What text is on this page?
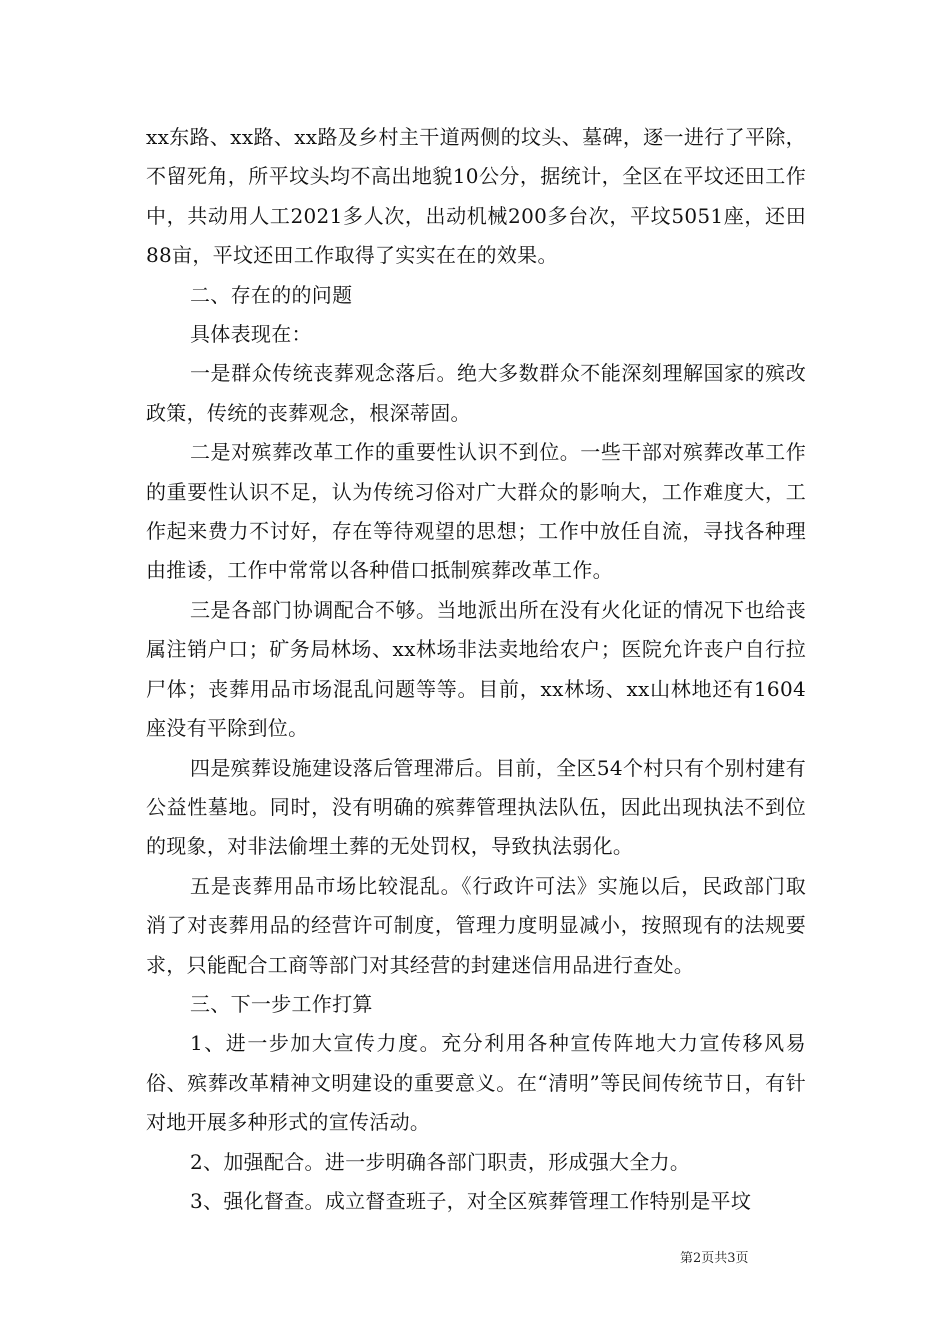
xx东路、xx路、xx路及乡村主干道两侧的坟头、墓碑，逐一进行了平除，不留死角，所平坟头均不高出地貌10公分，据统计，全区在平坟还田工作中，共动用人工2021多人次，出动机械200多台次，平坟5051座，还田88亩，平坟还田工作取得了实实在在的效果。

二、存在的的问题

具体表现在：

一是群众传统丧葬观念落后。绝大多数群众不能深刻理解国家的殡改政策，传统的丧葬观念，根深蒂固。

二是对殡葬改革工作的重要性认识不到位。一些干部对殡葬改革工作的重要性认识不足，认为传统习俗对广大群众的影响大，工作难度大，工作起来费力不讨好，存在等待观望的思想；工作中放任自流，寻找各种理由推诿，工作中常常以各种借口抵制殡葬改革工作。

三是各部门协调配合不够。当地派出所在没有火化证的情况下也给丧属注销户口；矿务局林场、xx林场非法卖地给农户；医院允许丧户自行拉尸体；丧葬用品市场混乱问题等等。目前，xx林场、xx山林地还有1604座没有平除到位。

四是殡葬设施建设落后管理滞后。目前，全区54个村只有个别村建有公益性墓地。同时，没有明确的殡葬管理执法队伍，因此出现执法不到位的现象，对非法偷埋土葬的无处罚权，导致执法弱化。

五是丧葬用品市场比较混乱。《行政许可法》实施以后，民政部门取消了对丧葬用品的经营许可制度，管理力度明显减小，按照现有的法规要求，只能配合工商等部门对其经营的封建迷信用品进行查处。

三、下一步工作打算

1、进一步加大宣传力度。充分利用各种宣传阵地大力宣传移风易俗、殡葬改革精神文明建设的重要意义。在“清明”等民间传统节日，有针对地开展多种形式的宣传活动。

2、加强配合。进一步明确各部门职责，形成强大全力。

3、强化督查。成立督查班子，对全区殡葬管理工作特别是平坟

第2页共3页
